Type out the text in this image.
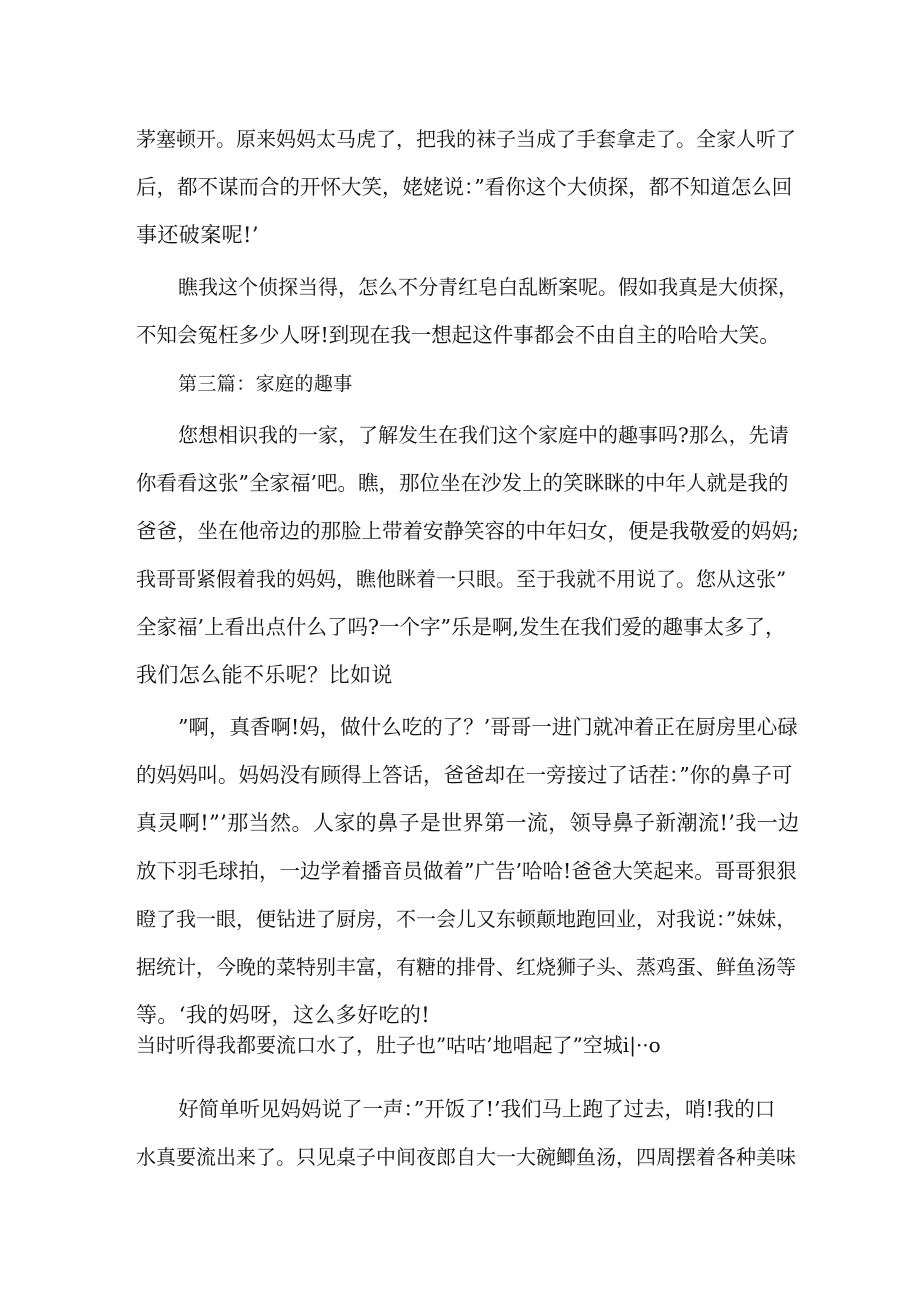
茅塞顿开。原来妈妈太马虎了，把我的袜子当成了手套拿走了。全家人听了
后，都不谋而合的开怀大笑，姥姥说：”看你这个大侦探，都不知道怎么回
事还破案呢!’
瞧我这个侦探当得，怎么不分青红皂白乱断案呢。假如我真是大侦探，
不知会冤枉多少人呀!到现在我一想起这件事都会不由自主的哈哈大笑。
第三篇：家庭的趣事
您想相识我的一家，了解发生在我们这个家庭中的趣事吗?那么，先请
你看看这张”全家福’吧。瞧，那位坐在沙发上的笑眯眯的中年人就是我的
爸爸，坐在他帝边的那脸上带着安静笑容的中年妇女，便是我敬爱的妈妈;
我哥哥紧假着我的妈妈，瞧他眯着一只眼。至于我就不用说了。您从这张”
全家福’上看出点什么了吗?一个字”乐是啊,发生在我们爱的趣事太多了，
我们怎么能不乐呢？比如说
”啊，真香啊!妈，做什么吃的了？’哥哥一进门就冲着正在厨房里心碌
的妈妈叫。妈妈没有顾得上答话，爸爸却在一旁接过了话茬：”你的鼻子可
真灵啊!”’那当然。人家的鼻子是世界第一流，领导鼻子新潮流!’我一边
放下羽毛球拍，一边学着播音员做着”广告’哈哈!爸爸大笑起来。哥哥狠狠
瞪了我一眼，便钻进了厨房，不一会儿又东顿颠地跑回业，对我说：”妹妹，
据统计，今晚的菜特别丰富，有糖的排骨、红烧狮子头、蒸鸡蛋、鲜鱼汤等
等。‘我的妈呀，这么多好吃的!
当时听得我都要流口水了，肚子也”咕咕’地唱起了”空城i|··o
好简单听见妈妈说了一声：”开饭了!’我们马上跑了过去，哨!我的口
水真要流出来了。只见桌子中间夜郎自大一大碗鲫鱼汤，四周摆着各种美味
